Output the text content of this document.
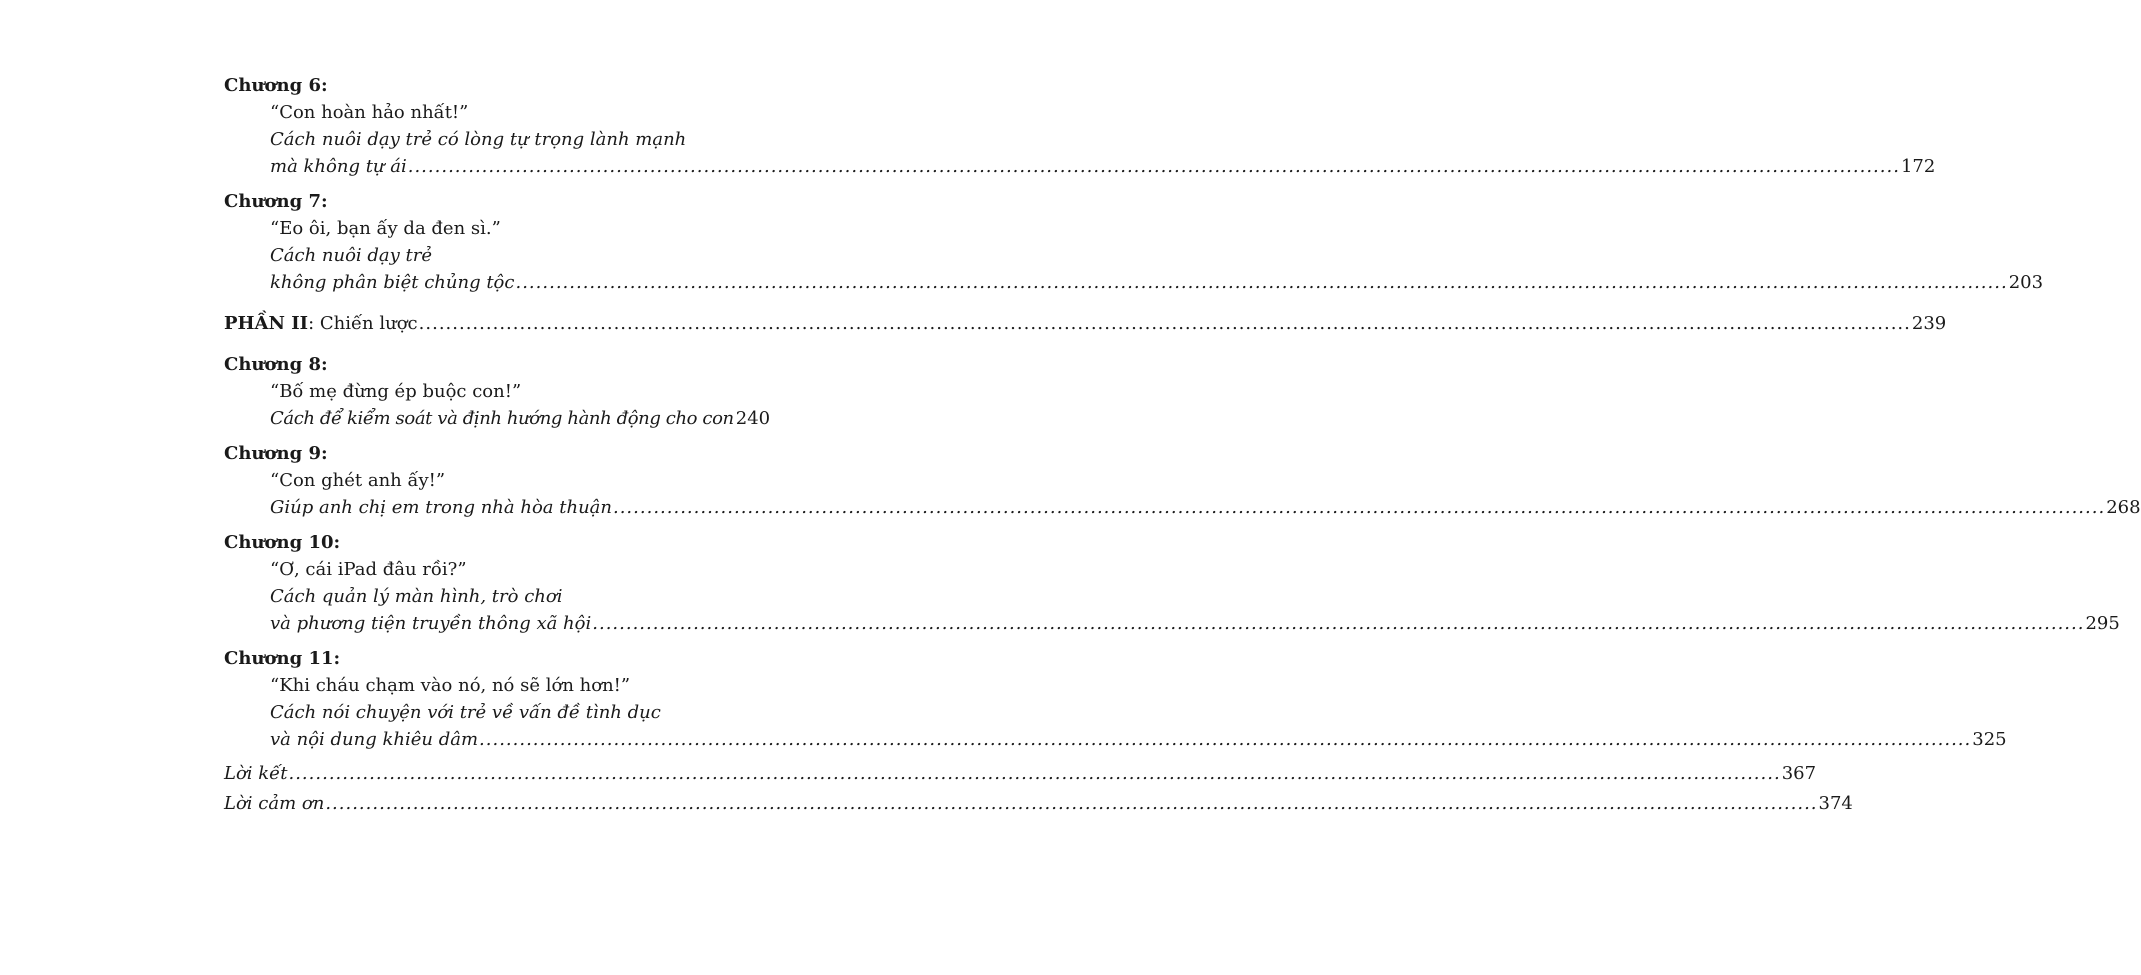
Chương 6:
“Con hoàn hảo nhất!”
Cách nuôi dạy trẻ có lòng tự trọng lành mạnh
mà không tự ái .....	172
Chương 7:
“Eo ôi, bạn ấy da đen sì.”
Cách nuôi dạy trẻ
không phân biệt chủng tộc .....	203
PHẦN II: Chiến lược .....	239
Chương 8:
“Bố mẹ đừng ép buộc con!”
Cách để kiểm soát và định hướng hành động cho con 240
Chương 9:
“Con ghét anh ấy!”
Giúp anh chị em trong nhà hòa thuận .....	268
Chương 10:
“Ơ, cái iPad đâu rồi?”
Cách quản lý màn hình, trò chơi
và phương tiện truyền thông xã hội .....	295
Chương 11:
“Khi cháu chạm vào nó, nó sẽ lớn hơn!”
Cách nói chuyện với trẻ về vấn đề tình dục
và nội dung khiêu dâm .....	325
Lời kết .....	367
Lời cảm ơn .....	374
